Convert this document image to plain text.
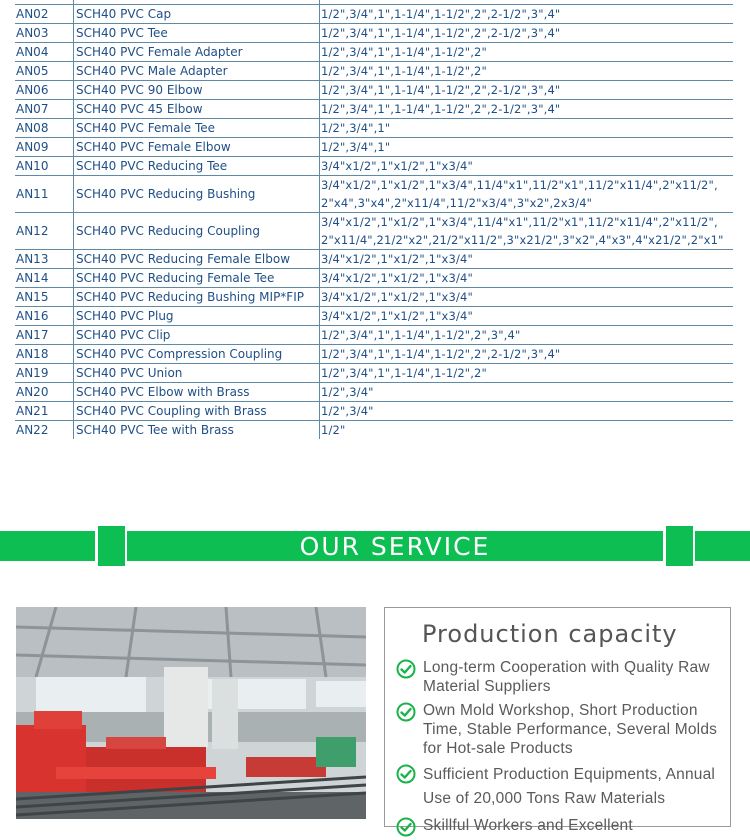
AN02	SCH40 PVC Cap	1/2",3/4",1",1-1/4",1-1/2",2",2-1/2",3",4"
AN03	SCH40 PVC Tee	1/2",3/4",1",1-1/4",1-1/2",2",2-1/2",3",4"
AN04	SCH40 PVC Female Adapter	1/2",3/4",1",1-1/4",1-1/2",2"
AN05	SCH40 PVC Male Adapter	1/2",3/4",1",1-1/4",1-1/2",2"
AN06	SCH40 PVC 90 Elbow	1/2",3/4",1",1-1/4",1-1/2",2",2-1/2",3",4"
AN07	SCH40 PVC 45 Elbow	1/2",3/4",1",1-1/4",1-1/2",2",2-1/2",3",4"
AN08	SCH40 PVC Female Tee	1/2",3/4",1"
AN09	SCH40 PVC Female Elbow	1/2",3/4",1"
AN10	SCH40 PVC Reducing Tee	3/4"x1/2",1"x1/2",1"x3/4"
AN11	SCH40 PVC Reducing Bushing	3/4"x1/2",1"x1/2",1"x3/4",11/4"x1",11/2"x1",11/2"x11/4",2"x11/2",2"x4",3"x4",2"x11/4",11/2"x3/4",3"x2",2x3/4"
AN12	SCH40 PVC Reducing Coupling	3/4"x1/2",1"x1/2",1"x3/4",11/4"x1",11/2"x1",11/2"x11/4",2"x11/2",2"x11/4",21/2"x2",21/2"x11/2",3"x21/2",3"x2",4"x3",4"x21/2",2"x1"
AN13	SCH40 PVC Reducing Female Elbow	3/4"x1/2",1"x1/2",1"x3/4"
AN14	SCH40 PVC Reducing Female Tee	3/4"x1/2",1"x1/2",1"x3/4"
AN15	SCH40 PVC Reducing Bushing MIP*FIP	3/4"x1/2",1"x1/2",1"x3/4"
AN16	SCH40 PVC Plug	3/4"x1/2",1"x1/2",1"x3/4"
AN17	SCH40 PVC Clip	1/2",3/4",1",1-1/4",1-1/2",2",3",4"
AN18	SCH40 PVC Compression Coupling	1/2",3/4",1",1-1/4",1-1/2",2",2-1/2",3",4"
AN19	SCH40 PVC Union	1/2",3/4",1",1-1/4",1-1/2",2"
AN20	SCH40 PVC Elbow with Brass	1/2",3/4"
AN21	SCH40 PVC Coupling with Brass	1/2",3/4"
AN22	SCH40 PVC Tee with Brass	1/2"
OUR SERVICE
Production capacity
Long-term Cooperation with Quality Raw Material Suppliers
Own Mold Workshop, Short Production Time, Stable Performance, Several Molds for Hot-sale Products
Sufficient Production Equipments, Annual Use of 20,000 Tons Raw Materials
Skillful Workers and Excellent
